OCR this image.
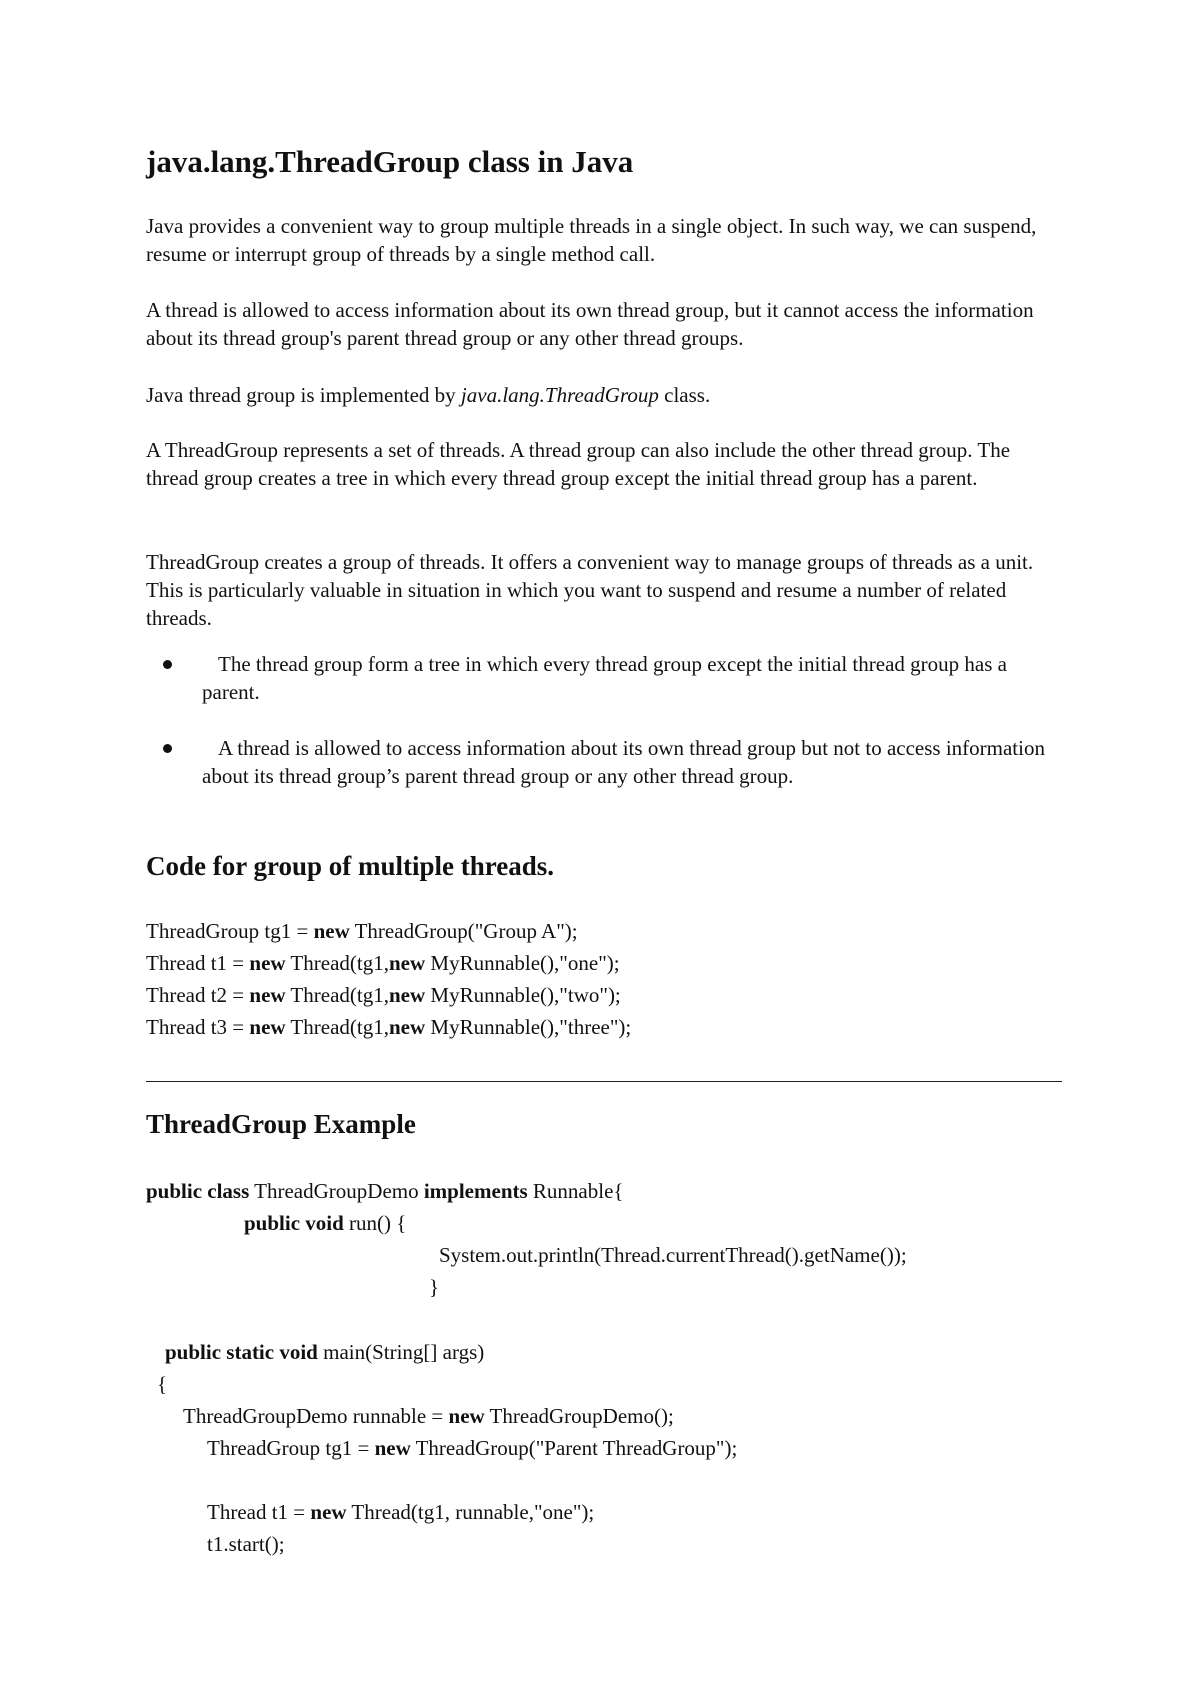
java.lang.ThreadGroup class in Java

Java provides a convenient way to group multiple threads in a single object. In such way, we can suspend, resume or interrupt group of threads by a single method call.

A thread is allowed to access information about its own thread group, but it cannot access the information about its thread group's parent thread group or any other thread groups.

Java thread group is implemented by java.lang.ThreadGroup class.

A ThreadGroup represents a set of threads. A thread group can also include the other thread group. The thread group creates a tree in which every thread group except the initial thread group has a parent.

ThreadGroup creates a group of threads. It offers a convenient way to manage groups of threads as a unit. This is particularly valuable in situation in which you want to suspend and resume a number of related threads.

The thread group form a tree in which every thread group except the initial thread group has a parent.
A thread is allowed to access information about its own thread group but not to access information about its thread group’s parent thread group or any other thread group.
Code for group of multiple threads.
ThreadGroup tg1 = new ThreadGroup("Group A");
Thread t1 = new Thread(tg1,new MyRunnable(),"one");
Thread t2 = new Thread(tg1,new MyRunnable(),"two");
Thread t3 = new Thread(tg1,new MyRunnable(),"three");
ThreadGroup Example
public class ThreadGroupDemo implements Runnable{
public void run() {
System.out.println(Thread.currentThread().getName());
}
public static void main(String[] args)
{
ThreadGroupDemo runnable = new ThreadGroupDemo();
ThreadGroup tg1 = new ThreadGroup("Parent ThreadGroup");
Thread t1 = new Thread(tg1, runnable,"one");
t1.start();
